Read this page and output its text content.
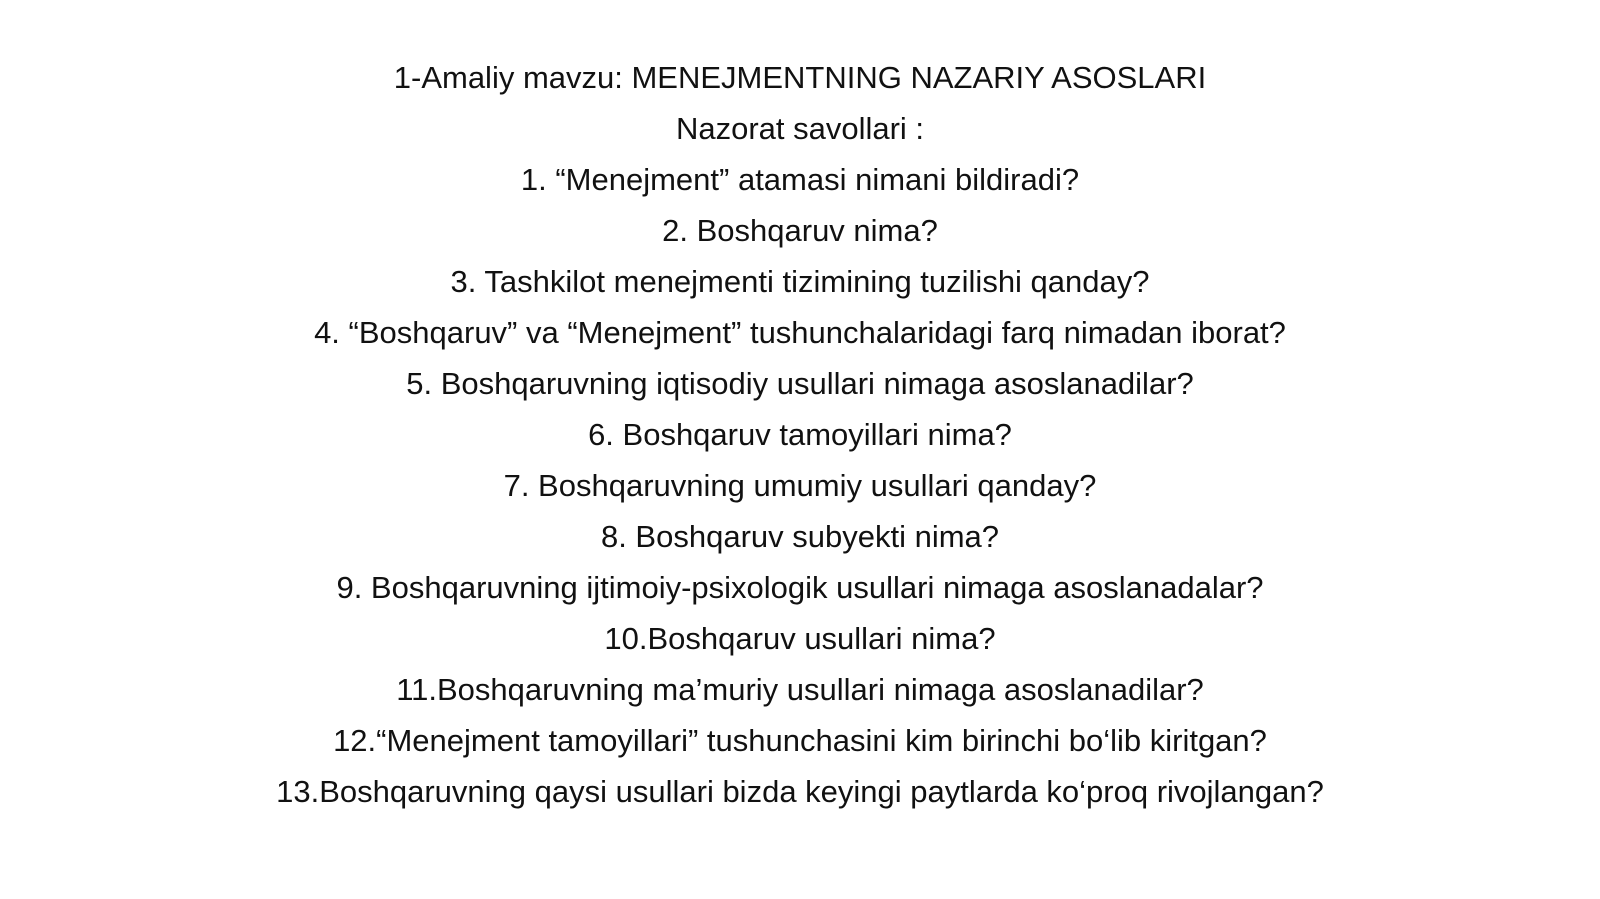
1-Amaliy mavzu: MENEJMENTNING NAZARIY ASOSLARI
Nazorat savollari :
1. “Menejment” atamasi nimani bildiradi?
2. Boshqaruv nima?
3. Tashkilot menejmenti tizimining tuzilishi qanday?
4. “Boshqaruv” va “Menejment” tushunchalaridagi farq nimadan iborat?
5. Boshqaruvning iqtisodiy usullari nimaga asoslanadilar?
6. Boshqaruv tamoyillari nima?
7. Boshqaruvning umumiy usullari qanday?
8. Boshqaruv subyekti nima?
9. Boshqaruvning ijtimoiy-psixologik usullari nimaga asoslanadalar?
10.Boshqaruv usullari nima?
11.Boshqaruvning ma’muriy usullari nimaga asoslanadilar?
12.“Menejment tamoyillari” tushunchasini kim birinchi bo‘lib kiritgan?
13.Boshqaruvning qaysi usullari bizda keyingi paytlarda ko‘proq rivojlangan?
